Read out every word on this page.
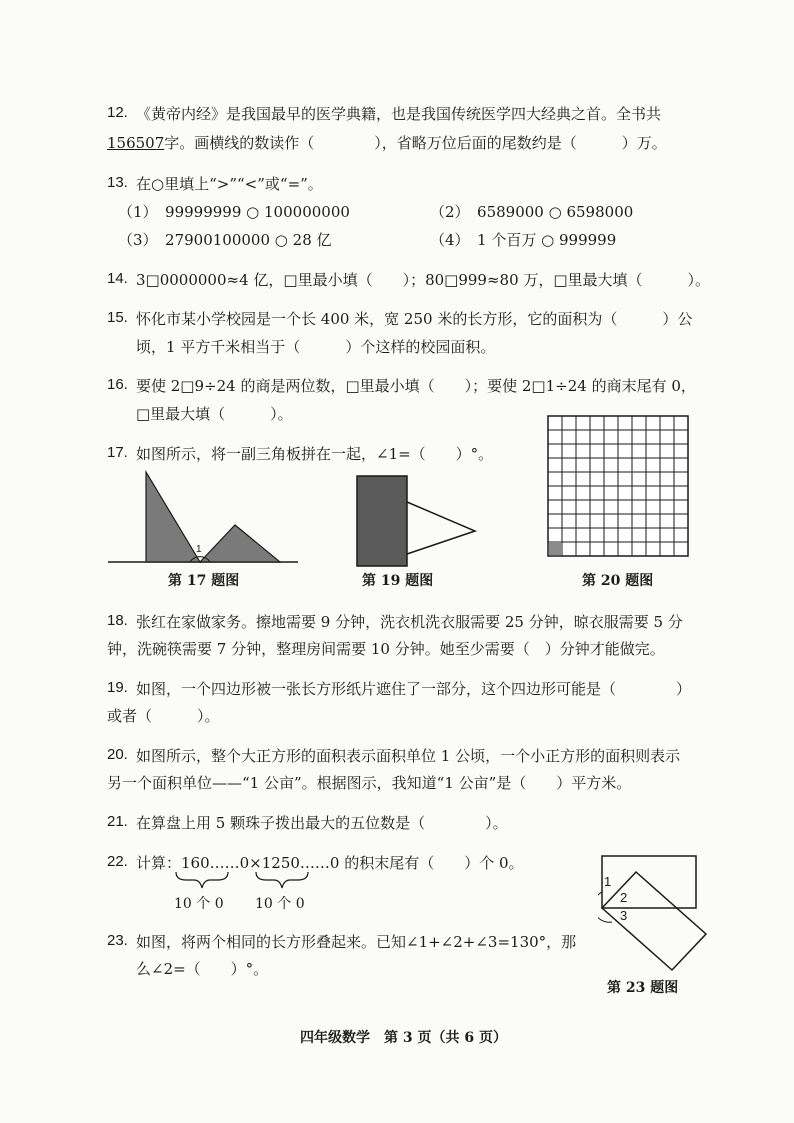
12. 《黄帝内经》是我国最早的医学典籍，也是我国传统医学四大经典之首。全书共
156507字。画横线的数读作（　　　　），省略万位后面的尾数约是（　　　）万。
13. 在○里填上“>”“<”或“=”。
（1）　99999999 ○ 100000000	（2）　6589000 ○ 6598000
（3）　27900100000 ○ 28 亿	（4）　1 个百万 ○ 999999
14. 3□0000000≈4 亿，□里最小填（　　）；80□999≈80 万，□里最大填（　　　）。
15. 怀化市某小学校园是一个长 400 米，宽 250 米的长方形，它的面积为（　　　）公
顷，1 平方千米相当于（　　　）个这样的校园面积。
16. 要使 2□9÷24 的商是两位数，□里最小填（　　）；要使 2□1÷24 的商末尾有 0，
□里最大填（　　　）。
17. 如图所示，将一副三角板拼在一起，∠1=（　　）°。
1
第 17 题图	第 19 题图	第 20 题图
18. 张红在家做家务。擦地需要 9 分钟，洗衣机洗衣服需要 25 分钟，晾衣服需要 5 分
钟，洗碗筷需要 7 分钟，整理房间需要 10 分钟。她至少需要（　）分钟才能做完。
19. 如图，一个四边形被一张长方形纸片遮住了一部分，这个四边形可能是（　　　　）
或者（　　　）。
20. 如图所示，整个大正方形的面积表示面积单位 1 公顷，一个小正方形的面积则表示
另一个面积单位——“1 公亩”。根据图示，我知道“1 公亩”是（　　）平方米。
21. 在算盘上用 5 颗珠子拨出最大的五位数是（　　　　）。
22. 计算：160……0×1250……0 的积末尾有（　　）个 0。
10 个 0 10 个 0
23. 如图，将两个相同的长方形叠起来。已知∠1+∠2+∠3=130°，那
么∠2=（　　）°。
1
2
3
第 23 题图
四年级数学　第 3 页（共 6 页）
